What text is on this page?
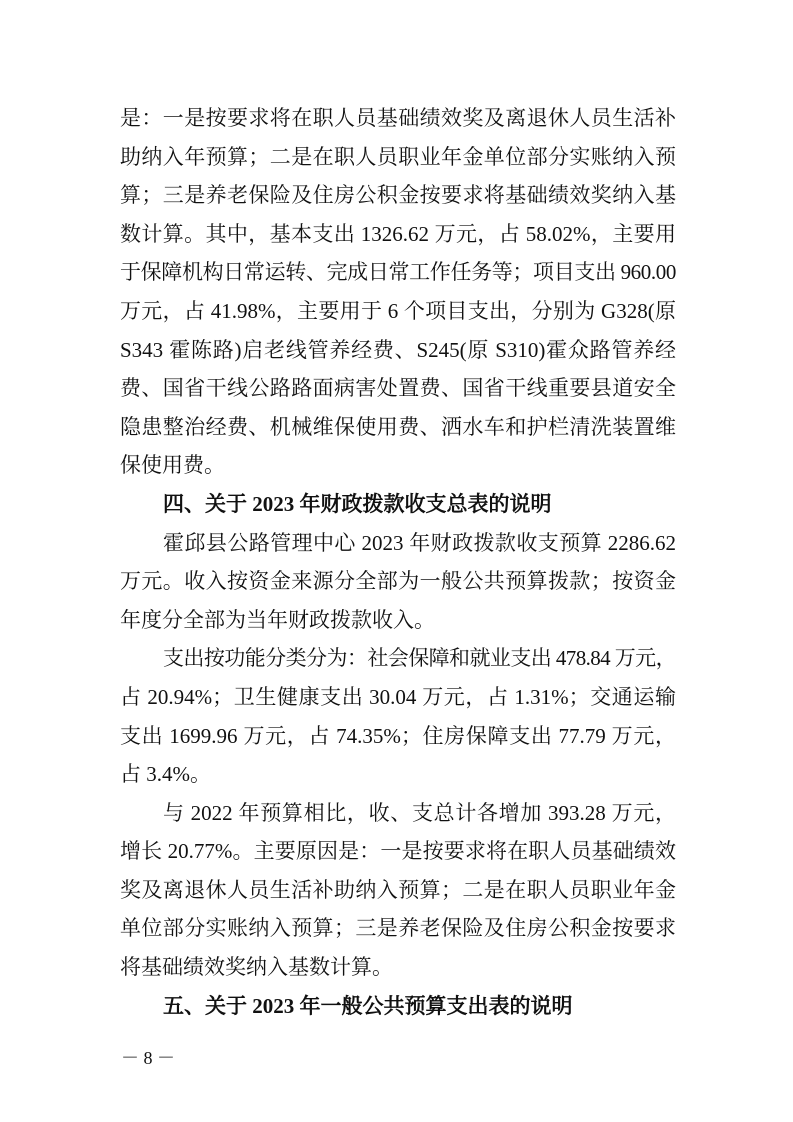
是：一是按要求将在职人员基础绩效奖及离退休人员生活补
助纳入年预算；二是在职人员职业年金单位部分实账纳入预
算；三是养老保险及住房公积金按要求将基础绩效奖纳入基
数计算。其中，基本支出 1326.62 万元，占 58.02%，主要用
于保障机构日常运转、完成日常工作任务等；项目支出 960.00
万元，占 41.98%，主要用于 6 个项目支出，分别为 G328(原
S343 霍陈路)启老线管养经费、S245(原 S310)霍众路管养经
费、国省干线公路路面病害处置费、国省干线重要县道安全
隐患整治经费、机械维保使用费、洒水车和护栏清洗装置维
保使用费。
四、关于 2023 年财政拨款收支总表的说明
霍邱县公路管理中心 2023 年财政拨款收支预算 2286.62
万元。收入按资金来源分全部为一般公共预算拨款；按资金
年度分全部为当年财政拨款收入。
支出按功能分类分为：社会保障和就业支出 478.84 万元，
占 20.94%；卫生健康支出 30.04 万元，占 1.31%；交通运输
支出 1699.96 万元，占 74.35%；住房保障支出 77.79 万元，
占 3.4%。
与 2022 年预算相比，收、支总计各增加 393.28 万元，
增长 20.77%。主要原因是：一是按要求将在职人员基础绩效
奖及离退休人员生活补助纳入预算；二是在职人员职业年金
单位部分实账纳入预算；三是养老保险及住房公积金按要求
将基础绩效奖纳入基数计算。
五、关于 2023 年一般公共预算支出表的说明
－ 8 －
